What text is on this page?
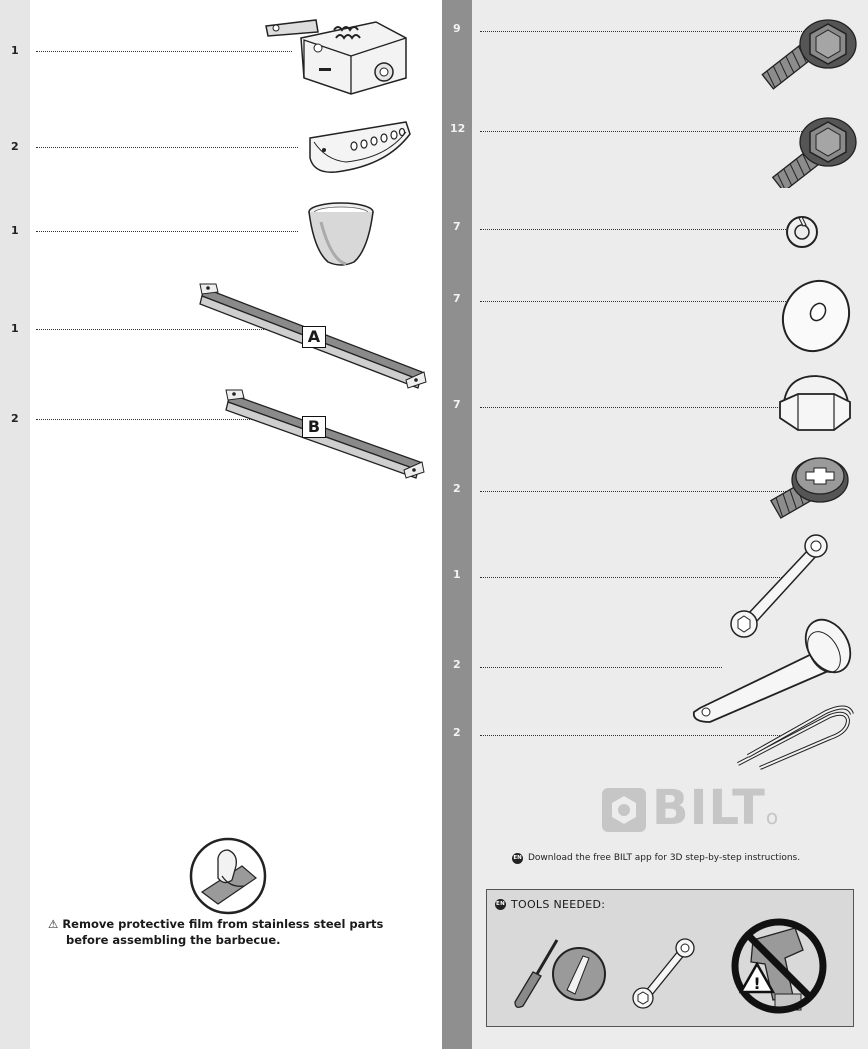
1
2
1
1	A
2	B
⚠ Remove protective film from stainless steel parts
before assembling the barbecue.
9
12
7
7
7
2
1
2
2
BILTo
EN Download the free BILT app for 3D step-by-step instructions.
EN TOOLS NEEDED:
!
